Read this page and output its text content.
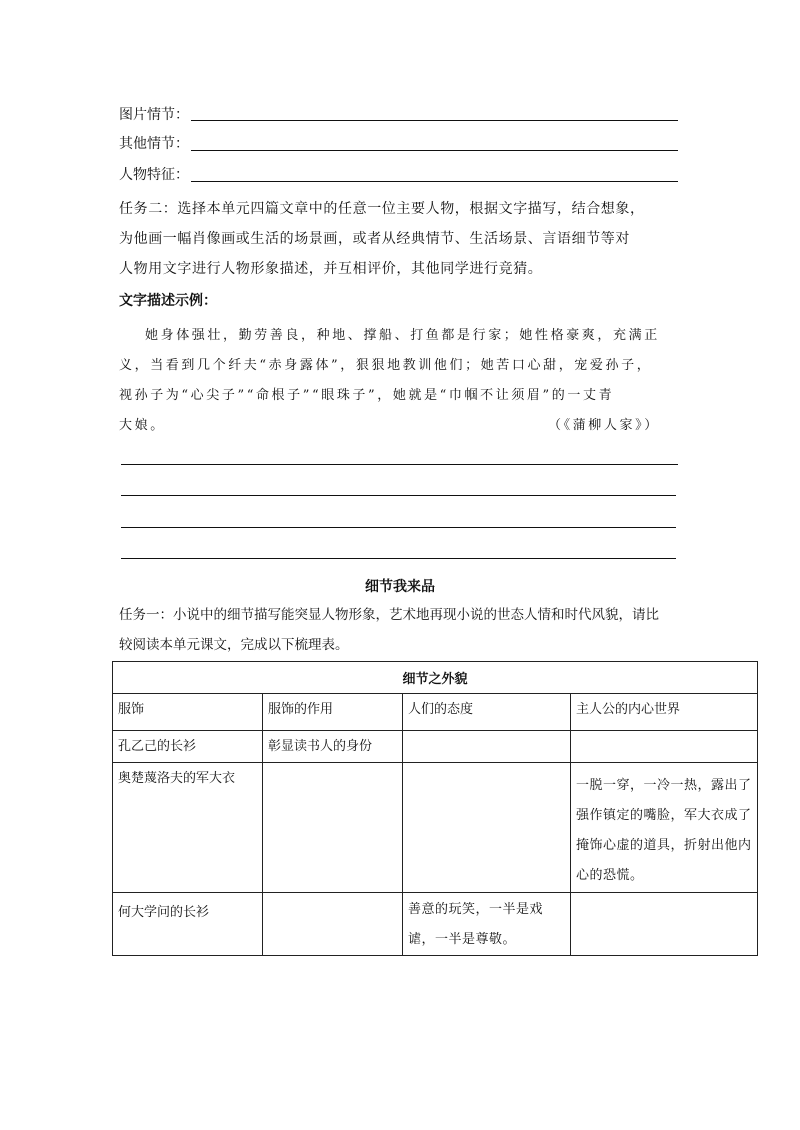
图片情节：
其他情节：
人物特征：
任务二：选择本单元四篇文章中的任意一位主要人物，根据文字描写，结合想象，
为他画一幅肖像画或生活的场景画，或者从经典情节、生活场景、言语细节等对
人物用文字进行人物形象描述，并互相评价，其他同学进行竞猜。
文字描述示例：
她身体强壮，勤劳善良，种地、撑船、打鱼都是行家；她性格豪爽，充满正
义，当看到几个纤夫“赤身露体”，狠狠地教训他们；她苦口心甜，宠爱孙子，
视孙子为“心尖子”“命根子”“眼珠子”，她就是“巾帼不让须眉”的一丈青
大娘。	（《蒲柳人家》）
细节我来品
任务一：小说中的细节描写能突显人物形象，艺术地再现小说的世态人情和时代风貌，请比
较阅读本单元课文，完成以下梳理表。
细节之外貌			

服饰	服饰的作用	人们的态度	主人公的内心世界

孔乙己的长衫	彰显读书人的身份		

奥楚蔑洛夫的军大衣			一脱一穿，一冷一热，露出了强作镇定的嘴脸，军大衣成了掩饰心虚的道具，折射出他内心的恐慌。

何大学问的长衫		善意的玩笑，一半是戏谑，一半是尊敬。	
